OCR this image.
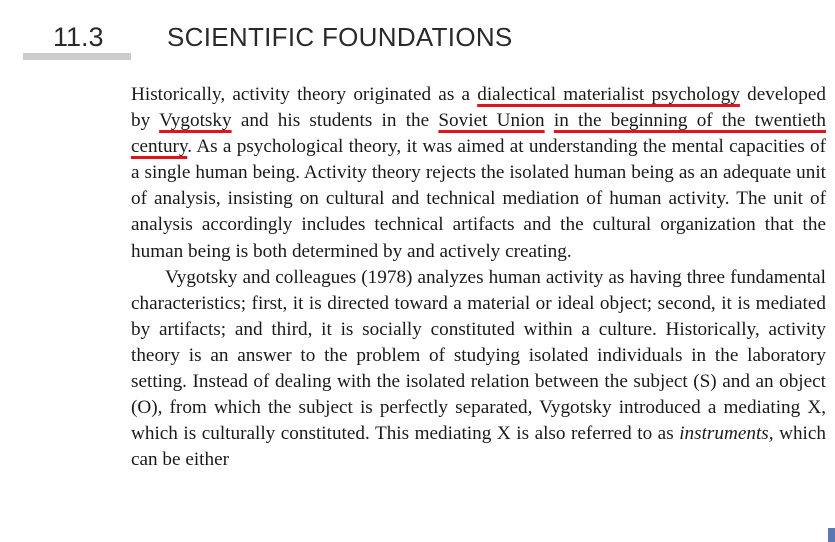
11.3 SCIENTIFIC FOUNDATIONS

Historically, activity theory originated as a dialectical materialist psychology developed by Vygotsky and his students in the Soviet Union in the beginning of the twentieth century. As a psychological theory, it was aimed at understanding the mental capacities of a single human being. Activity theory rejects the isolated human being as an adequate unit of analysis, insisting on cultural and technical mediation of human activity. The unit of analysis accordingly includes technical artifacts and the cultural organization that the human being is both determined by and actively creating.

Vygotsky and colleagues (1978) analyzes human activity as having three fundamental characteristics; first, it is directed toward a material or ideal object; second, it is mediated by artifacts; and third, it is socially constituted within a culture. Historically, activity theory is an answer to the problem of studying isolated individuals in the laboratory setting. Instead of dealing with the isolated relation between the subject (S) and an object (O), from which the subject is perfectly separated, Vygotsky introduced a mediating X, which is culturally constituted. This mediating X is also referred to as instruments, which can be either
